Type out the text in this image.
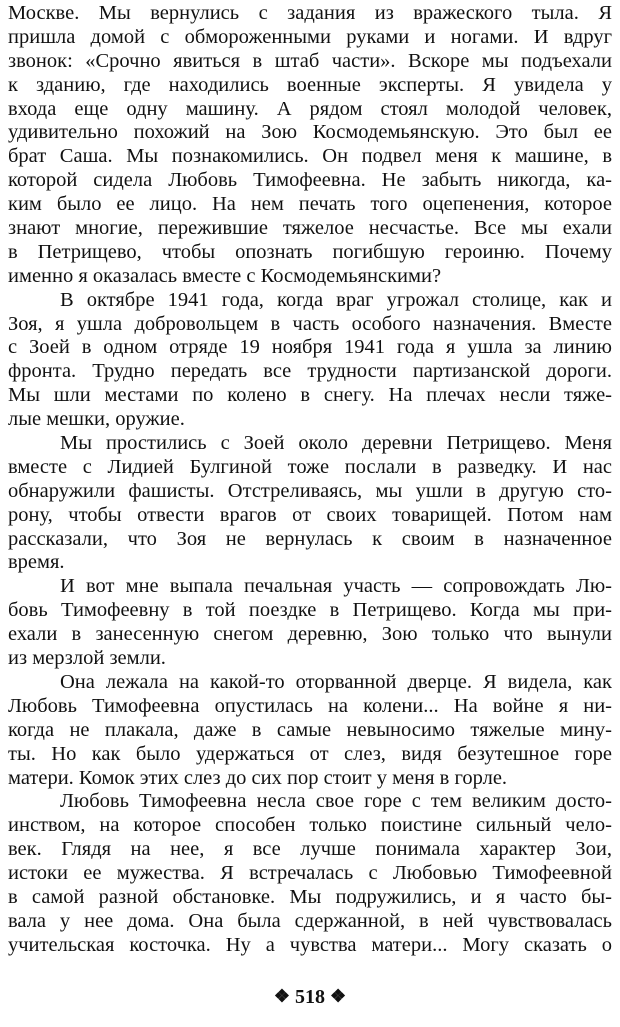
Москве. Мы вернулись с задания из вражеского тыла. Я
пришла домой с обмороженными руками и ногами. И вдруг
звонок: «Срочно явиться в штаб части». Вскоре мы подъехали
к зданию, где находились военные эксперты. Я увидела у
входа еще одну машину. А рядом стоял молодой человек,
удивительно похожий на Зою Космодемьянскую. Это был ее
брат Саша. Мы познакомились. Он подвел меня к машине, в
которой сидела Любовь Тимофеевна. Не забыть никогда, ка-
ким было ее лицо. На нем печать того оцепенения, которое
знают многие, пережившие тяжелое несчастье. Все мы ехали
в Петрищево, чтобы опознать погибшую героиню. Почему
именно я оказалась вместе с Космодемьянскими?
В октябре 1941 года, когда враг угрожал столице, как и
Зоя, я ушла добровольцем в часть особого назначения. Вместе
с Зоей в одном отряде 19 ноября 1941 года я ушла за линию
фронта. Трудно передать все трудности партизанской дороги.
Мы шли местами по колено в снегу. На плечах несли тяже-
лые мешки, оружие.
Мы простились с Зоей около деревни Петрищево. Меня
вместе с Лидией Булгиной тоже послали в разведку. И нас
обнаружили фашисты. Отстреливаясь, мы ушли в другую сто-
рону, чтобы отвести врагов от своих товарищей. Потом нам
рассказали, что Зоя не вернулась к своим в назначенное
время.
И вот мне выпала печальная участь — сопровождать Лю-
бовь Тимофеевну в той поездке в Петрищево. Когда мы при-
ехали в занесенную снегом деревню, Зою только что вынули
из мерзлой земли.
Она лежала на какой-то оторванной дверце. Я видела, как
Любовь Тимофеевна опустилась на колени... На войне я ни-
когда не плакала, даже в самые невыносимо тяжелые мину-
ты. Но как было удержаться от слез, видя безутешное горе
матери. Комок этих слез до сих пор стоит у меня в горле.
Любовь Тимофеевна несла свое горе с тем великим досто-
инством, на которое способен только поистине сильный чело-
век. Глядя на нее, я все лучше понимала характер Зои,
истоки ее мужества. Я встречалась с Любовью Тимофеевной
в самой разной обстановке. Мы подружились, и я часто бы-
вала у нее дома. Она была сдержанной, в ней чувствовалась
учительская косточка. Ну а чувства матери... Могу сказать о
❖ 518 ❖
